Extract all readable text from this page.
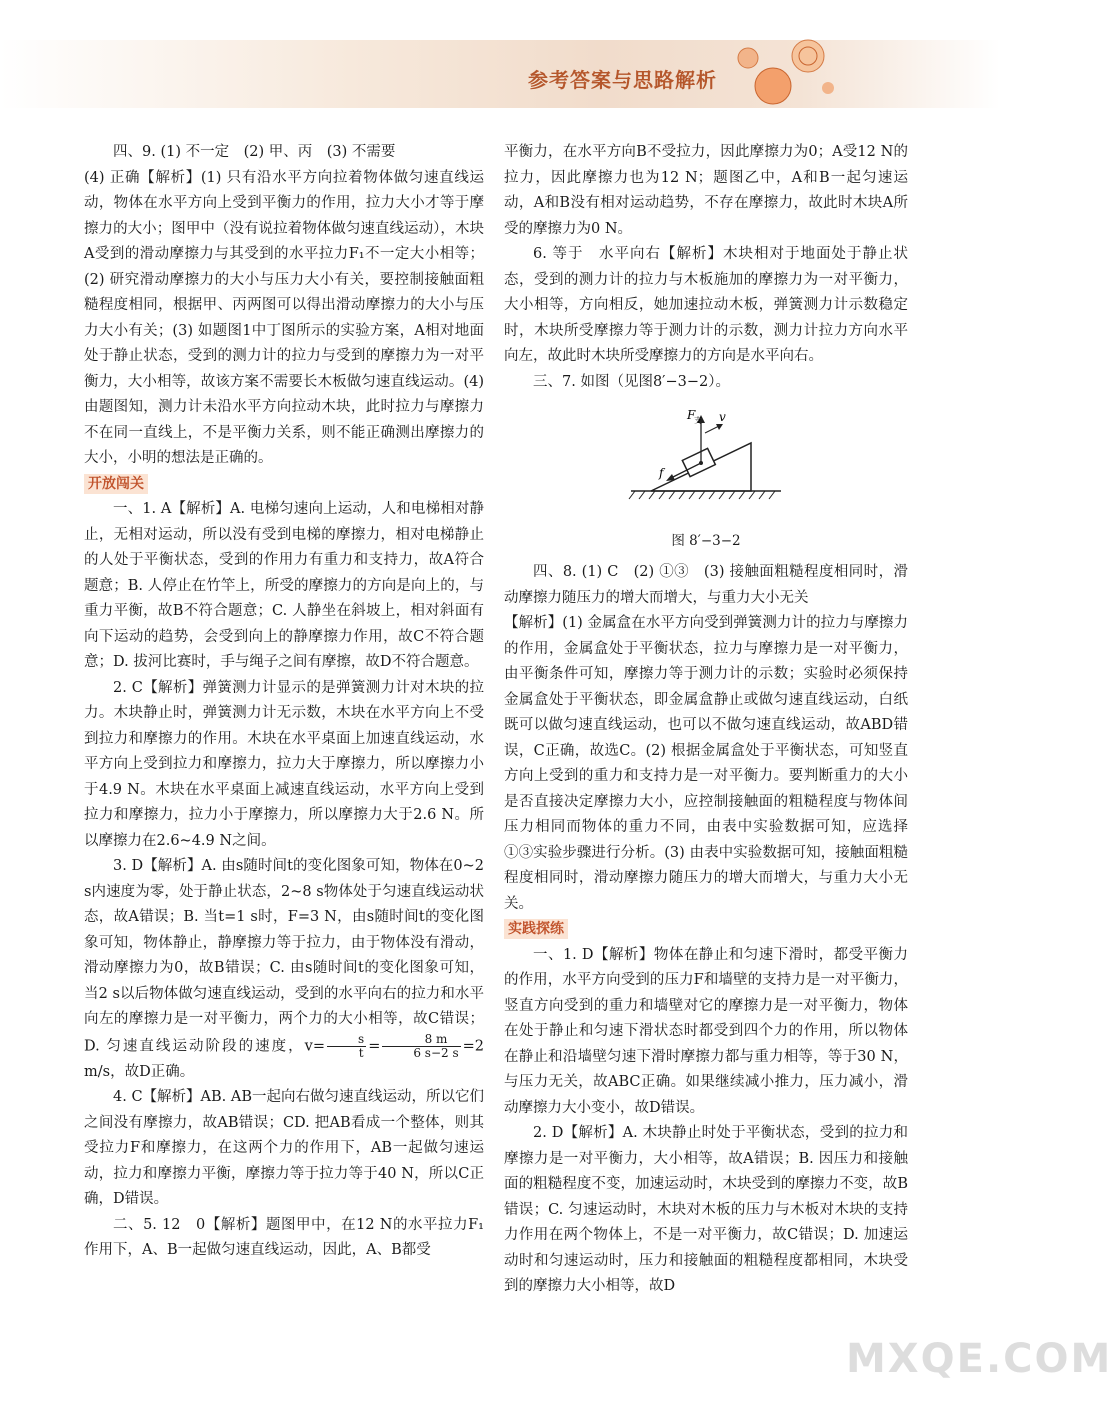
参考答案与思路解析

四、9. (1) 不一定　(2) 甲、丙　(3) 不需要

(4) 正确【解析】(1) 只有沿水平方向拉着物体做匀速直线运动，物体在水平方向上受到平衡力的作用，拉力大小才等于摩擦力的大小；图甲中（没有说拉着物体做匀速直线运动），木块A受到的滑动摩擦力与其受到的水平拉力F₁不一定大小相等；(2) 研究滑动摩擦力的大小与压力大小有关，要控制接触面粗糙程度相同，根据甲、丙两图可以得出滑动摩擦力的大小与压力大小有关；(3) 如题图1中丁图所示的实验方案，A相对地面处于静止状态，受到的测力计的拉力与受到的摩擦力为一对平衡力，大小相等，故该方案不需要长木板做匀速直线运动。(4) 由题图知，测力计未沿水平方向拉动木块，此时拉力与摩擦力不在同一直线上，不是平衡力关系，则不能正确测出摩擦力的大小，小明的想法是正确的。

开放闯关

一、1. A【解析】A. 电梯匀速向上运动，人和电梯相对静止，无相对运动，所以没有受到电梯的摩擦力，相对电梯静止的人处于平衡状态，受到的作用力有重力和支持力，故A符合题意；B. 人停止在竹竿上，所受的摩擦力的方向是向上的，与重力平衡，故B不符合题意；C. 人静坐在斜坡上，相对斜面有向下运动的趋势，会受到向上的静摩擦力作用，故C不符合题意；D. 拔河比赛时，手与绳子之间有摩擦，故D不符合题意。

2. C【解析】弹簧测力计显示的是弹簧测力计对木块的拉力。木块静止时，弹簧测力计无示数，木块在水平方向上不受到拉力和摩擦力的作用。木块在水平桌面上加速直线运动，水平方向上受到拉力和摩擦力，拉力大于摩擦力，所以摩擦力小于4.9 N。木块在水平桌面上减速直线运动，水平方向上受到拉力和摩擦力，拉力小于摩擦力，所以摩擦力大于2.6 N。所以摩擦力在2.6~4.9 N之间。

3. D【解析】A. 由s随时间t的变化图象可知，物体在0~2 s内速度为零，处于静止状态，2~8 s物体处于匀速直线运动状态，故A错误；B. 当t=1 s时，F=3 N，由s随时间t的变化图象可知，物体静止，静摩擦力等于拉力，由于物体没有滑动，滑动摩擦力为0，故B错误；C. 由s随时间t的变化图象可知，当2 s以后物体做匀速直线运动，受到的水平向右的拉力和水平向左的摩擦力是一对平衡力，两个力的大小相等，故C错误；D. 匀速直线运动阶段的速度，$v= \frac{s}{t} = \frac{8 m}{6 s-2 s} =2$ m/s，故D正确。

4. C【解析】AB. AB一起向右做匀速直线运动，所以它们之间没有摩擦力，故AB错误；CD. 把AB看成一个整体，则其受拉力F和摩擦力，在这两个力的作用下，AB一起做匀速运动，拉力和摩擦力平衡，摩擦力等于拉力等于40 N，所以C正确，D错误。

二、5. 12　0【解析】题图甲中，在12 N的水平拉力F₁作用下，A、B一起做匀速直线运动，因此，A、B都受

平衡力，在水平方向B不受拉力，因此摩擦力为0；A受12 N的拉力，因此摩擦力也为12 N；题图乙中，A和B一起匀速运动，A和B没有相对运动趋势，不存在摩擦力，故此时木块A所受的摩擦力为0 N。

6. 等于　水平向右【解析】木块相对于地面处于静止状态，受到的测力计的拉力与木板施加的摩擦力为一对平衡力，大小相等，方向相反，她加速拉动木板，弹簧测力计示数稳定时，木块所受摩擦力等于测力计的示数，测力计拉力方向水平向左，故此时木块所受摩擦力的方向是水平向右。

三、7. 如图（见图8′−3−2）。

F
支 v
f

图 8′−3−2

四、8. (1) C　(2) ①③　(3) 接触面粗糙程度相同时，滑动摩擦力随压力的增大而增大，与重力大小无关

【解析】(1) 金属盒在水平方向受到弹簧测力计的拉力与摩擦力的作用，金属盒处于平衡状态，拉力与摩擦力是一对平衡力，由平衡条件可知，摩擦力等于测力计的示数；实验时必须保持金属盒处于平衡状态，即金属盒静止或做匀速直线运动，白纸既可以做匀速直线运动，也可以不做匀速直线运动，故ABD错误，C正确，故选C。(2) 根据金属盒处于平衡状态，可知竖直方向上受到的重力和支持力是一对平衡力。要判断重力的大小是否直接决定摩擦力大小，应控制接触面的粗糙程度与物体间压力相同而物体的重力不同，由表中实验数据可知，应选择①③实验步骤进行分析。(3) 由表中实验数据可知，接触面粗糙程度相同时，滑动摩擦力随压力的增大而增大，与重力大小无关。

实践探练

一、1. D【解析】物体在静止和匀速下滑时，都受平衡力的作用，水平方向受到的压力F和墙壁的支持力是一对平衡力，竖直方向受到的重力和墙壁对它的摩擦力是一对平衡力，物体在处于静止和匀速下滑状态时都受到四个力的作用，所以物体在静止和沿墙壁匀速下滑时摩擦力都与重力相等，等于30 N，与压力无关，故ABC正确。如果继续减小推力，压力减小，滑动摩擦力大小变小，故D错误。

2. D【解析】A. 木块静止时处于平衡状态，受到的拉力和摩擦力是一对平衡力，大小相等，故A错误；B. 因压力和接触面的粗糙程度不变，加速运动时，木块受到的摩擦力不变，故B错误；C. 匀速运动时，木块对木板的压力与木板对木块的支持力作用在两个物体上，不是一对平衡力，故C错误；D. 加速运动时和匀速运动时，压力和接触面的粗糙程度都相同，木块受到的摩擦力大小相等，故D

MXQE.COM
